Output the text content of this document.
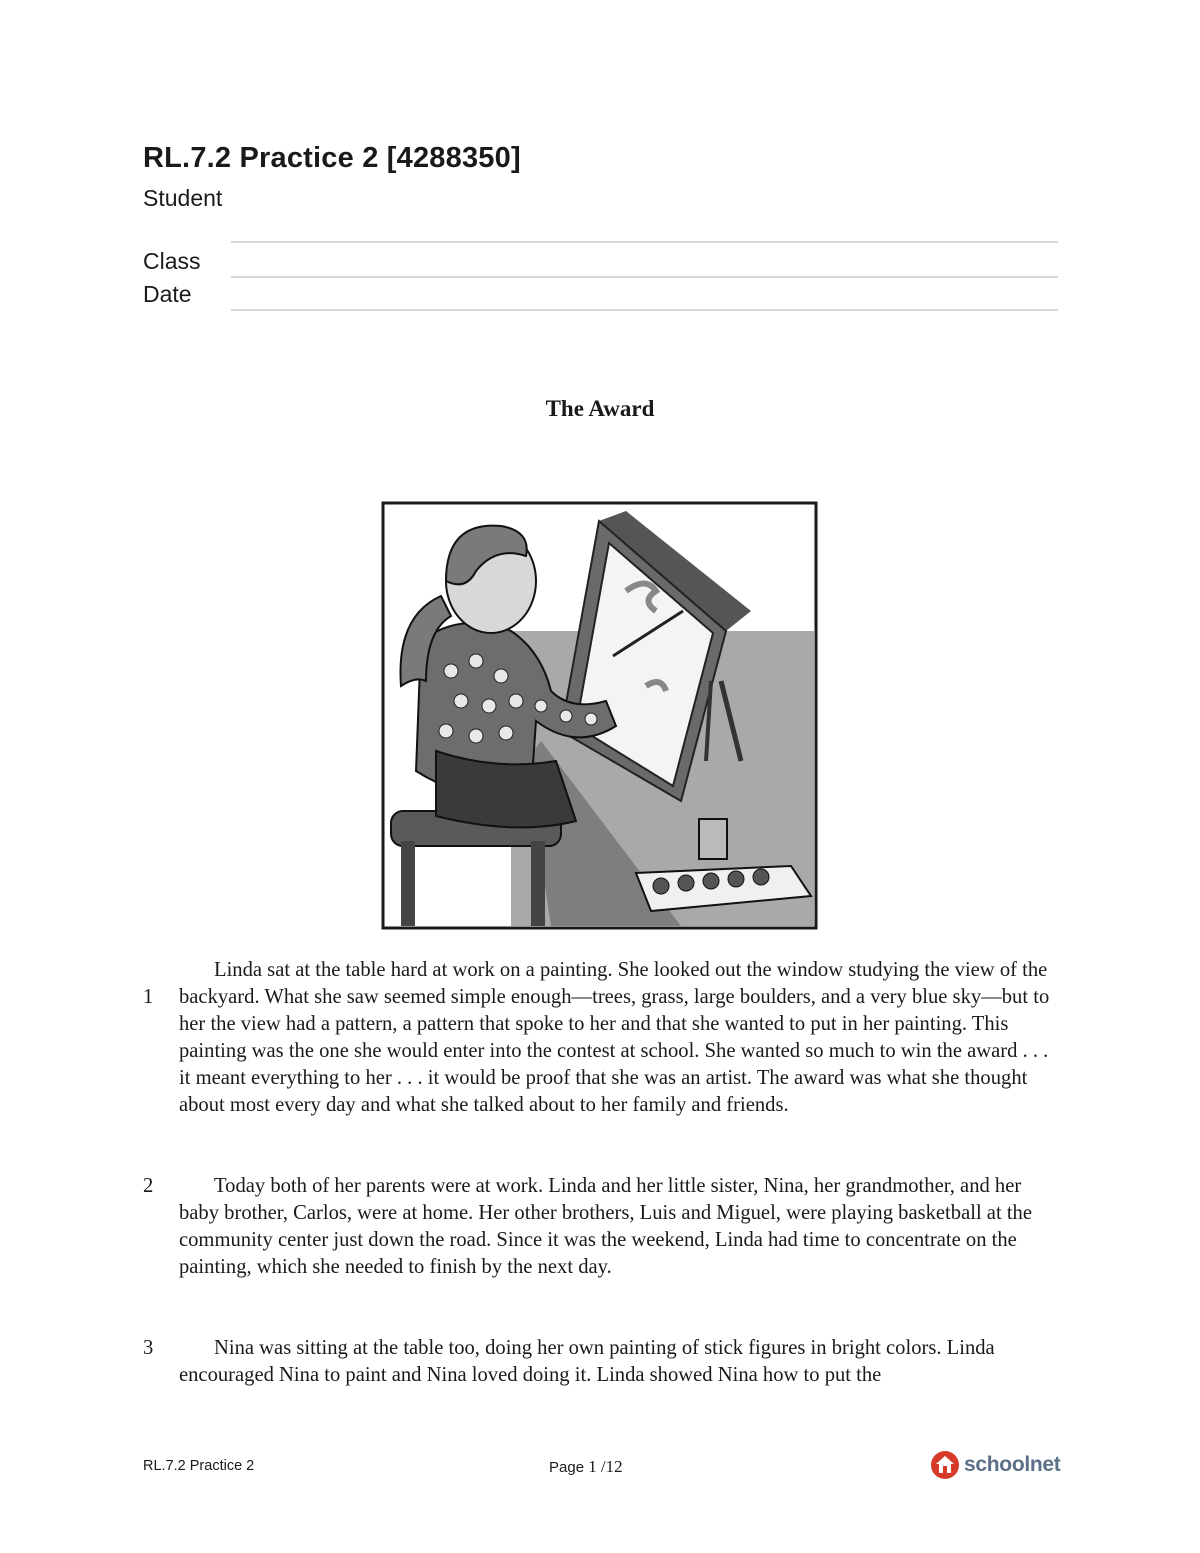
RL.7.2 Practice 2 [4288350]
Student
Class
Date
The Award
1
Linda sat at the table hard at work on a painting. She looked out the window studying the view of the backyard. What she saw seemed simple enough—trees, grass, large boulders, and a very blue sky—but to her the view had a pattern, a pattern that spoke to her and that she wanted to put in her painting. This painting was the one she would enter into the contest at school. She wanted so much to win the award . . . it meant everything to her . . . it would be proof that she was an artist. The award was what she thought about most every day and what she talked about to her family and friends.
2	Today both of her parents were at work. Linda and her little sister, Nina, her grandmother, and her baby brother, Carlos, were at home. Her other brothers, Luis and Miguel, were playing basketball at the community center just down the road. Since it was the weekend, Linda had time to concentrate on the painting, which she needed to finish by the next day.
3	Nina was sitting at the table too, doing her own painting of stick figures in bright colors. Linda encouraged Nina to paint and Nina loved doing it. Linda showed Nina how to put the
RL.7.2 Practice 2	Page 1 /12	schoolnet
